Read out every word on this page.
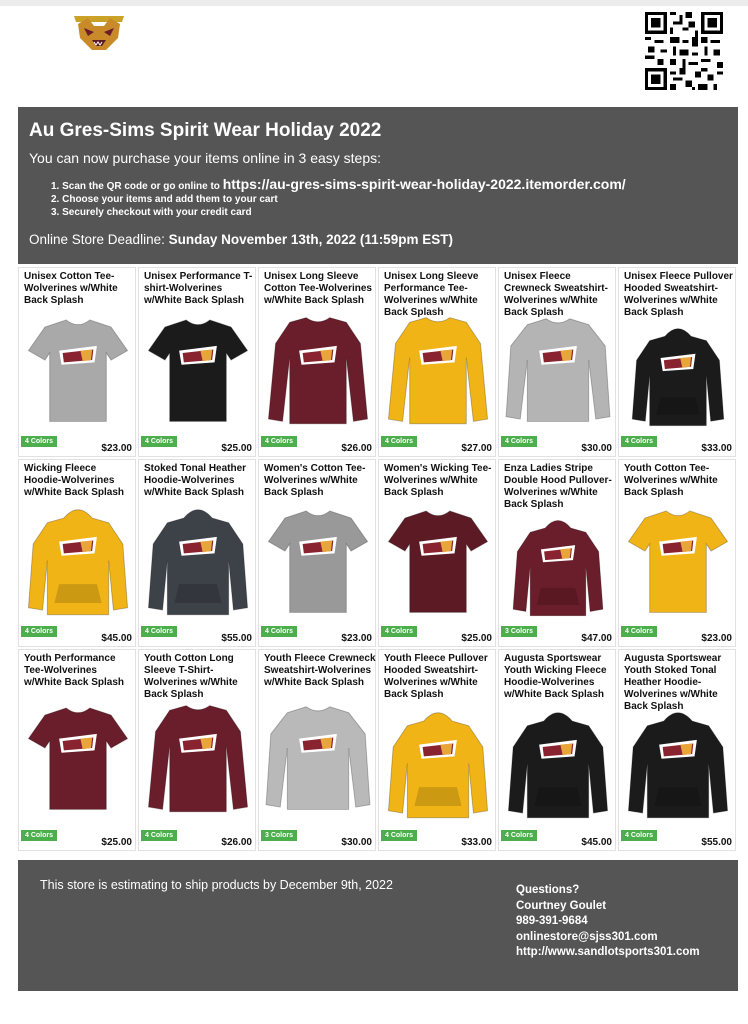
Au Gres-Sims Spirit Wear Holiday 2022
You can now purchase your items online in 3 easy steps:
1. Scan the QR code or go online to https://au-gres-sims-spirit-wear-holiday-2022.itemorder.com/
2. Choose your items and add them to your cart
3. Securely checkout with your credit card
Online Store Deadline: Sunday November 13th, 2022 (11:59pm EST)
Unisex Cotton Tee-Wolverines w/White Back Splash
4 Colors
$23.00
Unisex Performance T-shirt-Wolverines w/White Back Splash
4 Colors
$25.00
Unisex Long Sleeve Cotton Tee-Wolverines w/White Back Splash
4 Colors
$26.00
Unisex Long Sleeve Performance Tee-Wolverines w/White Back Splash
4 Colors
$27.00
Unisex Fleece Crewneck Sweatshirt-Wolverines w/White Back Splash
4 Colors
$30.00
Unisex Fleece Pullover Hooded Sweatshirt-Wolverines w/White Back Splash
4 Colors
$33.00
Wicking Fleece Hoodie-Wolverines w/White Back Splash
4 Colors
$45.00
Stoked Tonal Heather Hoodie-Wolverines w/White Back Splash
4 Colors
$55.00
Women's Cotton Tee-Wolverines w/White Back Splash
4 Colors
$23.00
Women's Wicking Tee-Wolverines w/White Back Splash
4 Colors
$25.00
Enza Ladies Stripe Double Hood Pullover-Wolverines w/White Back Splash
3 Colors
$47.00
Youth Cotton Tee-Wolverines w/White Back Splash
4 Colors
$23.00
Youth Performance Tee-Wolverines w/White Back Splash
4 Colors
$25.00
Youth Cotton Long Sleeve T-Shirt-Wolverines w/White Back Splash
4 Colors
$26.00
Youth Fleece Crewneck Sweatshirt-Wolverines w/White Back Splash
3 Colors
$30.00
Youth Fleece Pullover Hooded Sweatshirt-Wolverines w/White Back Splash
4 Colors
$33.00
Augusta Sportswear Youth Wicking Fleece Hoodie-Wolverines w/White Back Splash
4 Colors
$45.00
Augusta Sportswear Youth Stoked Tonal Heather Hoodie-Wolverines w/White Back Splash
4 Colors
$55.00
This store is estimating to ship products by December 9th, 2022	Questions?
Courtney Goulet
989-391-9684
onlinestore@sjss301.com
http://www.sandlotsports301.com
